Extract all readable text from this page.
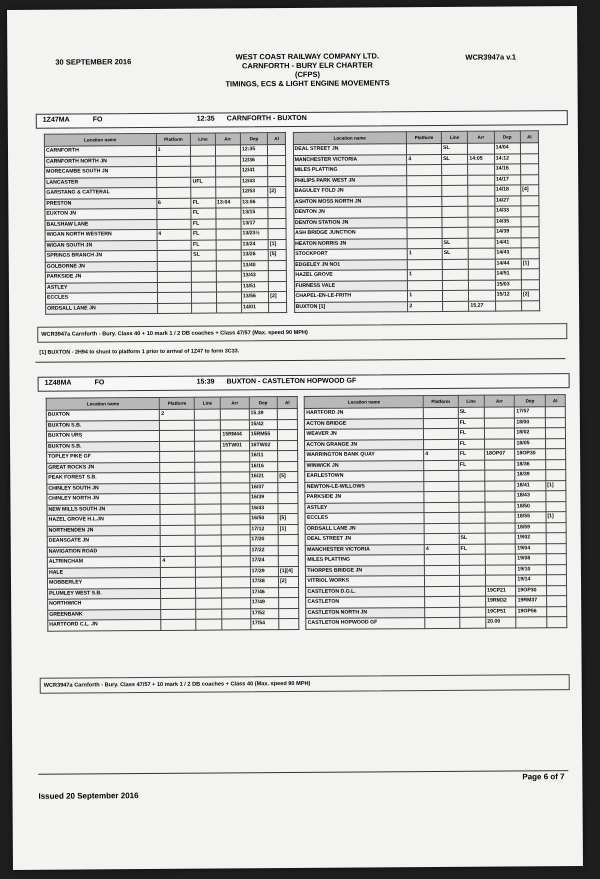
30 SEPTEMBER 2016
WEST COAST RAILWAY COMPANY LTD.
CARNFORTH - BURY ELR CHARTER
(CFPS)
TIMINGS, ECS & LIGHT ENGINE MOVEMENTS
WCR3947a v.1
1Z47MA	FO	12:35 CARNFORTH - BUXTON
Location name	Platform	Line	Arr	Dep	Al		Location name	Platform	Line	Arr	Dep	Al
CARNFORTH	1			12:35			DEAL STREET JN		SL		14/04	
CARNFORTH NORTH JN				12/36			MANCHESTER VICTORIA	4	SL	14:05	14:12	
MORECAMBE SOUTH JN				12/41			MILES PLATTING				14/16	
LANCASTER		UFL		12/43			PHILIPS PARK WEST JN				14/17	
GARSTANG & CATTERAL				12/53	[2]		BAGULEY FOLD JN				14/18	[4]
PRESTON	6	FL	13:04	13:06			ASHTON MOSS NORTH JN				14/27	
EUXTON JN		FL		13/15			DENTON JN				14/33	
BALSHAW LANE		FL		13/17			DENTON STATION JN				14/35	
WIGAN NORTH WESTERN	4	FL		13/23½			ASH BRIDGE JUNCTION				14/39	
WIGAN SOUTH JN		FL		13/24	[1]		HEATON NORRIS JN		SL		14/41	
SPRINGS BRANCH JN		SL		13/26	[5]		STOCKPORT	1	SL		14/43	
GOLBORNE JN				13/40			EDGELEY JN NO1				14/44	[1]
PARKSIDE JN				13/43			HAZEL GROVE	1			14/51	
ASTLEY				13/51			FURNESS VALE				15/03	
ECCLES				13/56	[2]		CHAPEL-EN-LE-FRITH	1			15/12	[2]
ORDSALL LANE JN				14/01			BUXTON [1]	2		15.27		
WCR3947a Carnforth - Bury. Class 40 + 10 mark 1 / 2 DB coaches + Class 47/57 (Max. speed 90 MPH)
[1] BUXTON - 2H94 to shunt to platform 1 prior to arrival of 1Z47 to form 3C33.
1Z48MA	FO	15:39 BUXTON - CASTLETON HOPWOOD GF
Location name	Platform	Line	Arr	Dep	Al		Location name	Platform	Line	Arr	Dep	Al
BUXTON	2			15.39			HARTFORD JN		SL		17/57	
BUXTON S.B.				15/42			ACTON BRIDGE		FL		18/00	
BUXTON URS			15RM44	15RM55			WEAVER JN		FL		18/02	
BUXTON S.B.			15TW01	16TW02			ACTON GRANGE JN		FL		18/05	
TOPLEY PIKE GF				16/11			WARRINGTON BANK QUAY	4	FL	18OP07	18OP30	
GREAT ROCKS JN				16/16			WINWICK JN		FL		18/36	
PEAK FOREST S.B.				16/21	[5]		EARLESTOWN				18/39	
CHINLEY SOUTH JN				16/37			NEWTON-LE-WILLOWS				18/41	[1]
CHINLEY NORTH JN				16/39			PARKSIDE JN				18/43	
NEW MILLS SOUTH JN				16/43			ASTLEY				18/50	
HAZEL GROVE H.L.JN				16/50	[5]		ECCLES				18/55	[1]
NORTHENDEN JN				17/12	[1]		ORDSALL LANE JN				18/59	
DEANSGATE JN				17/20			DEAL STREET JN		SL		19/02	
NAVIGATION ROAD				17/22			MANCHESTER VICTORIA	4	FL		19/04	
ALTRINCHAM	4			17/24			MILES PLATTING				19/08	
HALE				17/29	[1][4]		THORPES BRIDGE JN				19/10	
MOBBERLEY				17/38	[2]		VITRIOL WORKS				19/14	
PLUMLEY WEST S.B.				17/46			CASTLETON D.G.L.			19CP21	19OP30	
NORTHWICH				17/49			CASTLETON			19RM32	19RM37	
GREENBANK				17/52			CASTLETON NORTH JN			19CP51	19OP56	
HARTFORD C.L. JN				17/54			CASTLETON HOPWOOD GF			20.00		
WCR3947a Carnforth - Bury. Class 47/57 + 10 mark 1 / 2 DB coaches + Class 40 (Max. speed 90 MPH)
Page 6 of 7
Issued 20 September 2016
